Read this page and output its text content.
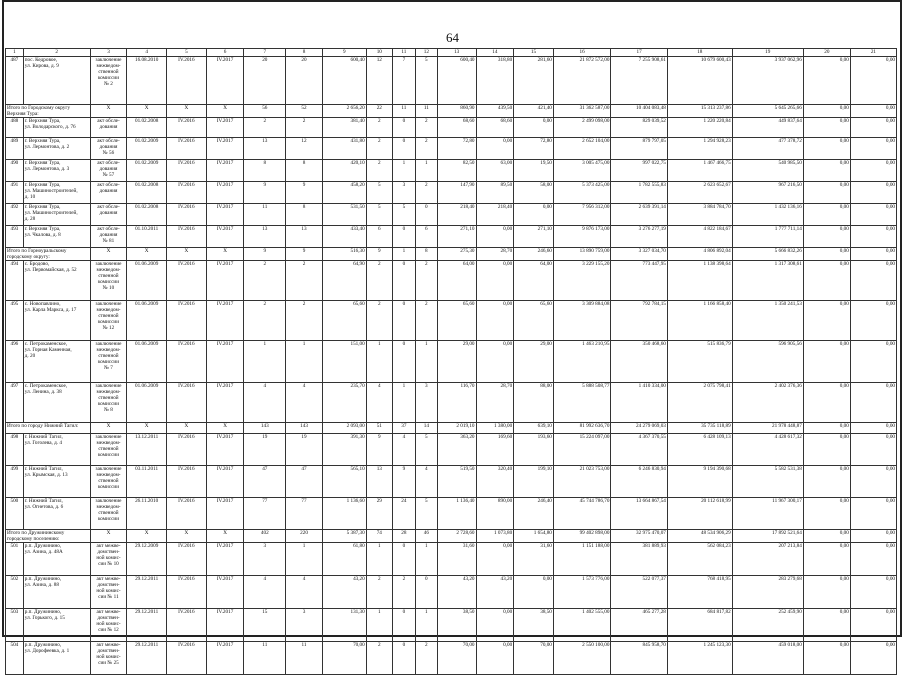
64
1	2	3	4	5	6	7	8	9	10	11	12	13	14	15	16	17	18	19	20	21
487	пос. Кедровое,
ул. Кирова, д. 9	заключение
межведом-
ственной
комиссии
№ 2	16.08.2010	IV.2016	IV.2017	20	20	600,40	12	7	5	600,40	318,80	281,60	21 872 572,00	7 255 908,61	10 679 600,43	3 937 062,96	0,00	0,00
Итого по Городскому округу
Верхняя Тура:		X	X	X	X	56	52	2 656,20	22	11	11	860,90	439,50	421,40	31 362 587,00	10 404 083,48	15 313 237,86	5 645 265,66	0,00	0,00
488	г. Верхняя Тура,
ул. Володарского, д. 76	акт обсле-
дования	01.02.2008	IV.2016	IV.2017	2	2	381,40	2	0	2	68,60	68,60	0,00	2 499 098,00	829 039,52	1 220 220,84	449 837,64	0,00	0,00
489	г. Верхняя Тура,
ул. Лермонтова, д. 2	акт обсле-
дования
№ 56	01.02.2009	IV.2016	IV.2017	13	12	431,80	2	0	2	72,80	0,00	72,80	2 652 104,00	879 797,05	1 294 928,23	477 378,72	0,00	0,00
490	г. Верхняя Тура,
ул. Лермонтова, д. 3	акт обсле-
дования
№ 57	01.02.2009	IV.2016	IV.2017	8	8	420,10	2	1	1	82,50	63,00	19,50	3 005 475,00	997 022,75	1 467 466,75	540 985,50	0,00	0,00
491	г. Верхняя Тура,
ул. Машиностроителей,
д. 10	акт обсле-
дования	01.02.2008	IV.2016	IV.2017	9	9	458,20	5	3	2	147,90	89,50	58,00	5 373 425,00	1 782 555,83	2 623 652,67	967 216,50	0,00	0,00
492	г. Верхняя Тура,
ул. Машиностроителей,
д. 28	акт обсле-
дования	01.02.2008	IV.2016	IV.2017	11	8	531,50	5	5	0	218,40	218,40	0,00	7 956 312,00	2 639 391,14	3 884 784,70	1 432 136,16	0,00	0,00
493	г. Верхняя Тура,
ул. Чкалова, д. 8	акт обсле-
дования
№ 81	01.10.2011	IV.2016	IV.2017	13	13	433,40	6	0	6	271,10	0,00	271,10	9 876 173,00	3 276 277,19	4 822 184,67	1 777 711,14	0,00	0,00
Итого по Горноуральскому
городскому округу:		X	X	X	X	9	9	516,30	9	1	8	275,30	28,70	246,60	13 890 759,00	3 327 034,70	4 806 892,04	5 666 832,26	0,00	0,00
494	с. Бродово,
ул. Первомайская, д. 52	заключение
межведом-
ственной
комиссии
№ 10	01.06.2009	IV.2016	IV.2017	2	2	64,90	2	0	2	64,00	0,00	64,00	3 229 155,20	773 447,95	1 138 398,64	1 317 308,61	0,00	0,00
495	с. Новопавлино,
ул. Карла Маркса, д. 17	заключение
межведом-
ственной
комиссии
№ 12	01.06.2009	IV.2016	IV.2017	2	2	65,60	2	0	2	65,60	0,00	65,60	3 309 884,08	792 784,15	1 166 858,40	1 350 241,53	0,00	0,00
496	с. Петрокаменское,
ул. Горная Каменная,
д. 20	заключение
межведом-
ственной
комиссии
№ 7	01.06.2009	IV.2016	IV.2017	1	1	151,00	1	0	1	29,00	0,00	29,00	1 463 210,95	350 468,60	515 836,79	596 905,56	0,00	0,00
497	с. Петрокаменское,
ул. Ленина, д. 38	заключение
межведом-
ственной
комиссии
№ 8	01.06.2009	IV.2016	IV.2017	4	4	235,70	4	1	3	116,70	28,70	88,00	5 888 508,77	1 410 334,00	2 075 798,41	2 402 376,36	0,00	0,00
Итого по городу Нижний Тагил:		X	X	X	X	143	143	2 093,00	51	37	14	2 019,10	1 380,00	639,10	81 992 636,70	24 279 069,03	35 735 118,89	21 978 448,87	0,00	0,00
498	г. Нижний Тагил,
ул. Гоголева, д. 4	заключение
межведом-
ственной
комиссии	13.12.2011	IV.2016	IV.2017	19	19	391,30	9	4	5	363,20	169,60	193,60	15 224 097,00	4 367 370,55	6 428 109,13	4 428 617,32	0,00	0,00
499	г. Нижний Тагил,
ул. Крымская, д. 13	заключение
межведом-
ственной
комиссии	03.11.2011	IV.2016	IV.2017	47	47	565,10	13	9	4	519,50	320,40	199,10	21 023 753,00	6 246 830,94	9 194 390,68	5 582 531,38	0,00	0,00
500	г. Нижний Тагил,
ул. Огнетова, д. 6	заключение
межведом-
ственной
комиссии	26.11.2010	IV.2016	IV.2017	77	77	1 136,60	29	24	5	1 136,40	890,00	246,40	45 744 786,70	13 664 867,54	20 112 618,99	11 967 300,17	0,00	0,00
Итого по Дружининскому
городскому поселению:		X	X	X	X	402	220	5 387,30	74	28	46	2 728,60	1 073,80	1 654,80	99 402 898,00	32 975 470,07	48 534 906,29	17 892 521,64	0,00	0,00
501	р.п. Дружинино,
ул. Азина, д. 48А	акт межве-
домствен-
ной комис-
сии № 10	29.12.2009	IV.2016	IV.2017	3	1	61,80	1	0	1	31,60	0,00	31,60	1 151 188,00	381 889,93	562 084,23	207 213,84	0,00	0,00
502	р.п. Дружинино,
ул. Азина, д. 88	акт межве-
домствен-
ной комис-
сии № 11	29.12.2011	IV.2016	IV.2017	4	4	43,20	2	2	0	43,20	43,20	0,00	1 573 776,00	522 077,37	768 418,95	283 279,68	0,00	0,00
503	р.п. Дружинино,
ул. Горького, д. 15	акт межве-
домствен-
ной комис-
сии № 12	29.12.2011	IV.2016	IV.2017	15	3	131,30	1	0	1	38,50	0,00	38,50	1 402 555,00	465 277,28	684 817,82	252 459,90	0,00	0,00
504	р.п. Дружинино,
ул. Дорофеевка, д. 1	акт межве-
домствен-
ной комис-
сии № 25	29.12.2011	IV.2016	IV.2017	11	11	70,00	2	0	2	70,00	0,00	70,00	2 550 100,00	845 958,70	1 245 123,30	459 018,00	0,00	0,00
